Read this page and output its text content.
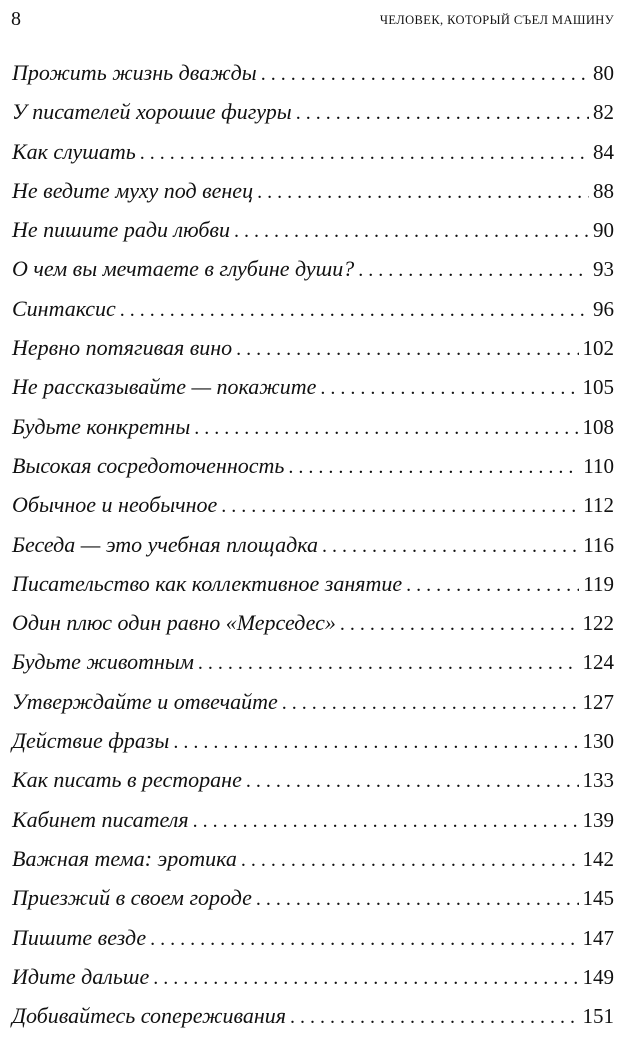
8	ЧЕЛОВЕК, КОТОРЫЙ СЪЕЛ МАШИНУ
Прожить жизнь дважды . . .	80
У писателей хорошие фигуры . . .	82
Как слушать . . .	84
Не ведите муху под венец . . .	88
Не пишите ради любви . . .	90
О чем вы мечтаете в глубине души? . . .	93
Синтаксис . . .	96
Нервно потягивая вино . . .	102
Не рассказывайте — покажите . . .	105
Будьте конкретны . . .	108
Высокая сосредоточенность . . .	110
Обычное и необычное . . .	112
Беседа — это учебная площадка . . .	116
Писательство как коллективное занятие . . .	119
Один плюс один равно «Мерседес» . . .	122
Будьте животным . . .	124
Утверждайте и отвечайте . . .	127
Действие фразы . . .	130
Как писать в ресторане . . .	133
Кабинет писателя . . .	139
Важная тема: эротика . . .	142
Приезжий в своем городе . . .	145
Пишите везде . . .	147
Идите дальше . . .	149
Добивайтесь сопереживания . . .	151
